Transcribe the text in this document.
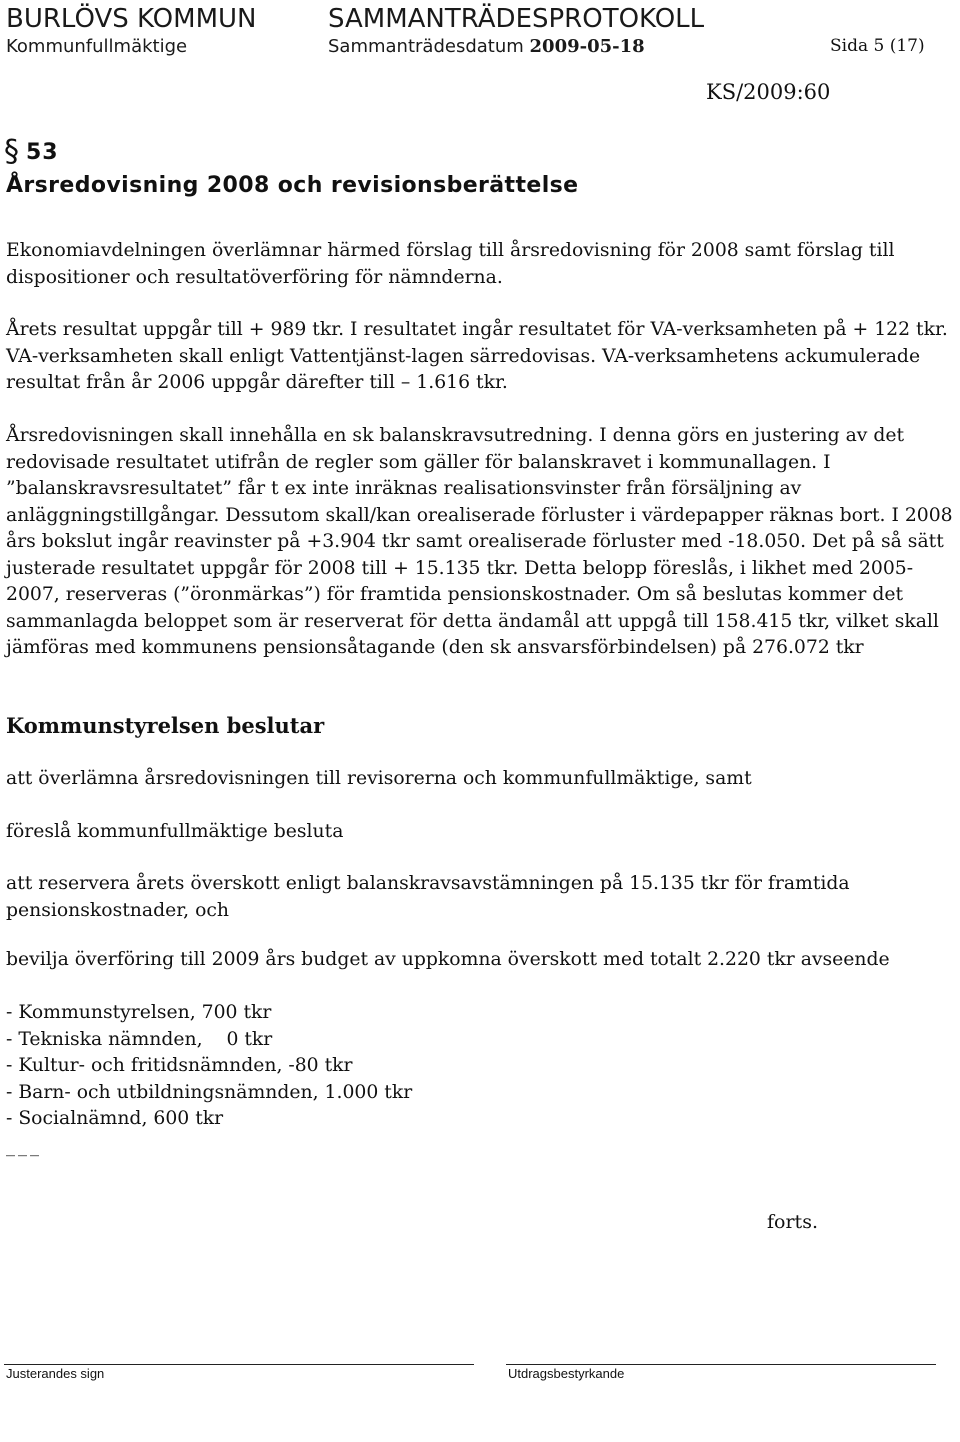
BURLÖVS KOMMUN	SAMMANTRÄDESPROTOKOLL
Kommunfullmäktige	Sammanträdesdatum 2009-05-18	Sida 5 (17)
KS/2009:60
§ 53
Årsredovisning 2008 och revisionsberättelse

Ekonomiavdelningen överlämnar härmed förslag till årsredovisning för 2008 samt förslag till dispositioner och resultatöverföring för nämnderna.

Årets resultat uppgår till + 989 tkr. I resultatet ingår resultatet för VA-verksamheten på + 122 tkr. VA-verksamheten skall enligt Vattentjänst-lagen särredovisas. VA-verksamhetens ackumulerade resultat från år 2006 uppgår därefter till – 1.616 tkr.

Årsredovisningen skall innehålla en sk balanskravsutredning. I denna görs en justering av det redovisade resultatet utifrån de regler som gäller för balanskravet i kommunallagen. I ”balanskravsresultatet” får t ex inte inräknas realisationsvinster från försäljning av anläggningstillgångar. Dessutom skall/kan orealiserade förluster i värdepapper räknas bort. I 2008 års bokslut ingår reavinster på +3.904 tkr samt orealiserade förluster med -18.050. Det på så sätt justerade resultatet uppgår för 2008 till + 15.135 tkr. Detta belopp föreslås, i likhet med 2005-2007, reserveras (”öronmärkas”) för framtida pensionskostnader. Om så beslutas kommer det sammanlagda beloppet som är reserverat för detta ändamål att uppgå till 158.415 tkr, vilket skall jämföras med kommunens pensionsåtagande (den sk ansvarsförbindelsen) på 276.072 tkr

Kommunstyrelsen beslutar
att överlämna årsredovisningen till revisorerna och kommunfullmäktige, samt
föreslå kommunfullmäktige besluta
att reservera årets överskott enligt balanskravsavstämningen på 15.135 tkr för framtida pensionskostnader, och
bevilja överföring till 2009 års budget av uppkomna överskott med totalt 2.220 tkr avseende
- Kommunstyrelsen, 700 tkr
- Tekniska nämnden,    0 tkr
- Kultur- och fritidsnämnden, -80 tkr
- Barn- och utbildningsnämnden, 1.000 tkr
- Socialnämnd, 600 tkr
___
forts.
Justerandes sign	Utdragsbestyrkande
